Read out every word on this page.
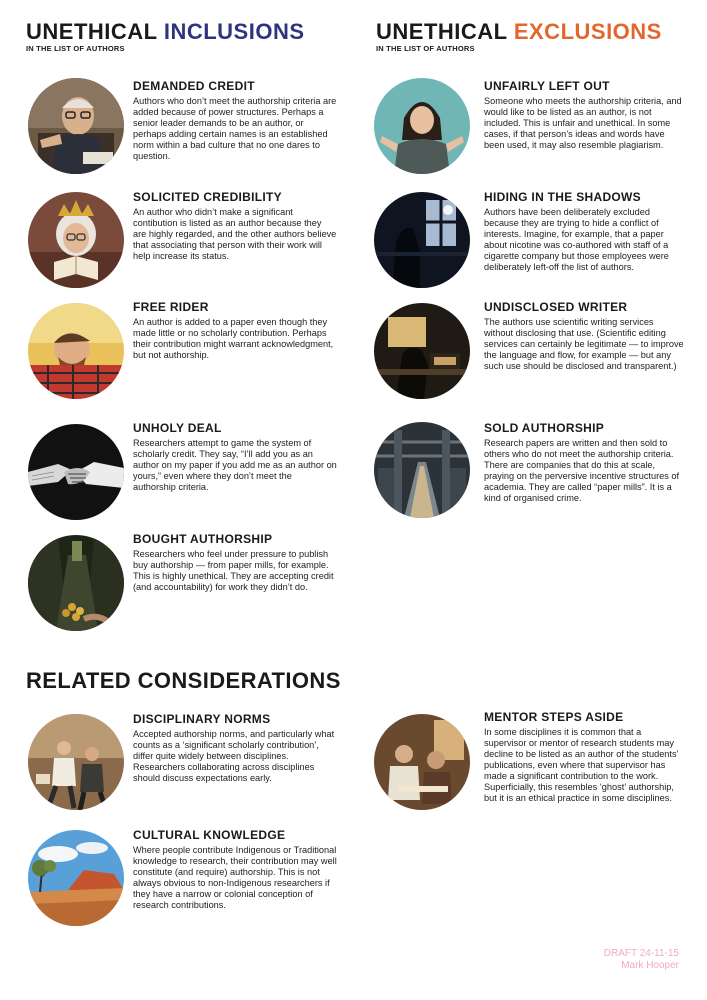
UNETHICAL INCLUSIONS
IN THE LIST OF AUTHORS
UNETHICAL EXCLUSIONS
IN THE LIST OF AUTHORS
DEMANDED CREDIT

Authors who don’t meet the authorship criteria are added because of power structures. Perhaps a senior leader demands to be an author, or perhaps adding certain names is an established norm within a bad culture that no one dares to question.

SOLICITED CREDIBILITY

An author who didn’t make a significant contibution is listed as an author because they are highly regarded, and the other authors believe that associating that person with their work will help increase its status.

FREE RIDER

An author is added to a paper even though they made little or no scholarly contribution. Perhaps their contribution might warrant acknowledgment, but not authorship.

UNHOLY DEAL

Researchers attempt to game the system of scholarly credit. They say, “I’ll add you as an author on my paper if you add me as an author on yours,” even where they don’t meet the authorship criteria.

BOUGHT AUTHORSHIP

Researchers who feel under pressure to publish buy authorship — from paper mills, for example. This is highly unethical. They are accepting credit (and accountability) for work they didn’t do.

UNFAIRLY LEFT OUT

Someone who meets the authorship criteria, and would like to be listed as an author, is not included. This is unfair and unethical. In some cases, if that person’s ideas and words have been used, it may also resemble plagiarism.

HIDING IN THE SHADOWS

Authors have been deliberately excluded because they are trying to hide a conflict of interests. Imagine, for example, that a paper about nicotine was co-authored with staff of a cigarette company but those employees were deliberately left-off the list of authors.

UNDISCLOSED WRITER

The authors use scientific writing services without disclosing that use. (Scientific editing services can certainly be legitimate — to improve the language and flow, for example — but any such use should be disclosed and transparent.)

SOLD AUTHORSHIP

Research papers are written and then sold to others who do not meet the authorship criteria. There are companies that do this at scale, praying on the perversive incentive structures of academia. They are called “paper mills”. It is a kind of organised crime.

RELATED CONSIDERATIONS
DISCIPLINARY NORMS

Accepted authorship norms, and particularly what counts as a ‘significant scholarly contribution’, differ quite widely between disciplines. Researchers collaborating across disciplines should discuss expectations early.

MENTOR STEPS ASIDE

In some disciplines it is common that a supervisor or mentor of research students may decline to be listed as an author of the students’ publications, even where that supervisor has made a significant contribution to the work. Superficially, this resembles ‘ghost’ authorship, but it is an ethical practice in some disciplines.

CULTURAL KNOWLEDGE

Where people contribute Indigenous or Traditional knowledge to research, their contribution may well constitute (and require) authorship. This is not always obvious to non-Indigenous researchers if they have a narrow or colonial conception of research contributions.

DRAFT 24-11-15
Mark Hooper
